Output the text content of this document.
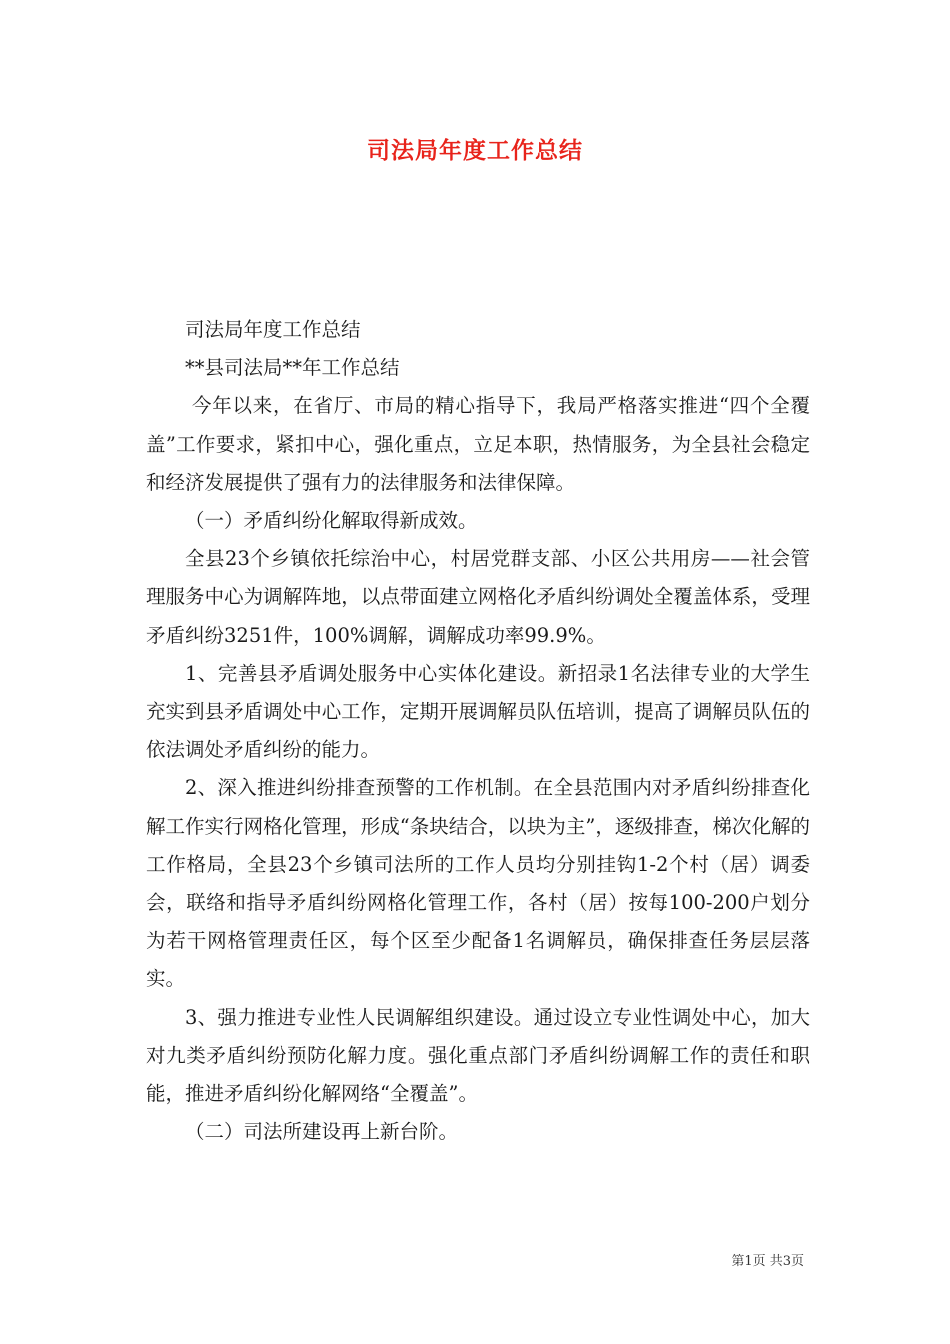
司法局年度工作总结

司法局年度工作总结

**县司法局**年工作总结

今年以来，在省厅、市局的精心指导下，我局严格落实推进“四个全覆盖”工作要求，紧扣中心，强化重点，立足本职，热情服务，为全县社会稳定和经济发展提供了强有力的法律服务和法律保障。

（一）矛盾纠纷化解取得新成效。

全县23个乡镇依托综治中心，村居党群支部、小区公共用房——社会管理服务中心为调解阵地，以点带面建立网格化矛盾纠纷调处全覆盖体系，受理矛盾纠纷3251件，100%调解，调解成功率99.9%。

1、完善县矛盾调处服务中心实体化建设。新招录1名法律专业的大学生充实到县矛盾调处中心工作，定期开展调解员队伍培训，提高了调解员队伍的依法调处矛盾纠纷的能力。

2、深入推进纠纷排查预警的工作机制。在全县范围内对矛盾纠纷排查化解工作实行网格化管理，形成“条块结合，以块为主”，逐级排查，梯次化解的工作格局，全县23个乡镇司法所的工作人员均分别挂钩1-2个村（居）调委会，联络和指导矛盾纠纷网格化管理工作，各村（居）按每100-200户划分为若干网格管理责任区，每个区至少配备1名调解员，确保排查任务层层落实。

3、强力推进专业性人民调解组织建设。通过设立专业性调处中心，加大对九类矛盾纠纷预防化解力度。强化重点部门矛盾纠纷调解工作的责任和职能，推进矛盾纠纷化解网络“全覆盖”。

（二）司法所建设再上新台阶。

第1页 共3页
